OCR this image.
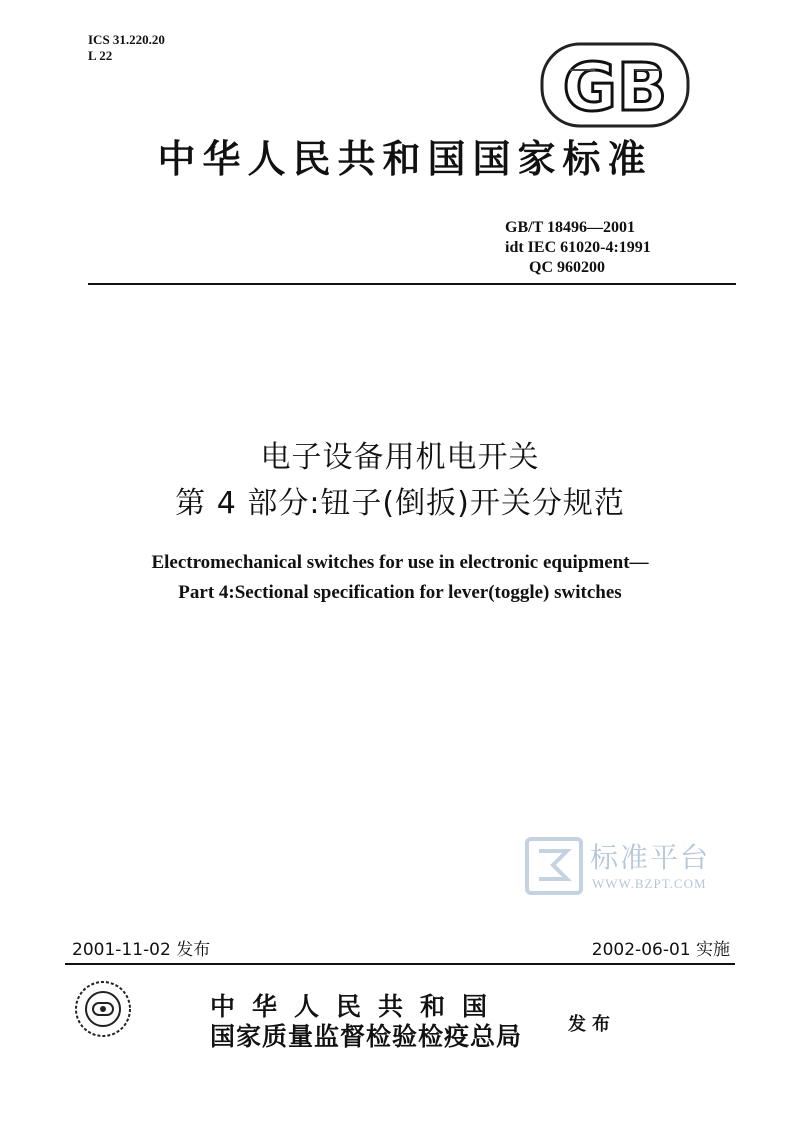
ICS 31.220.20
L 22	GB
中华人民共和国国家标准
GB/T 18496—2001
idt IEC 61020-4:1991
QC 960200
电子设备用机电开关
第 4 部分:钮子(倒扳)开关分规范
Electromechanical switches for use in electronic equipment—
Part 4:Sectional specification for lever(toggle) switches
标准平台
WWW.BZPT.COM
2001-11-02 发布	2002-06-01 实施
中华人民共和国
国家质量监督检验检疫总局	发布
